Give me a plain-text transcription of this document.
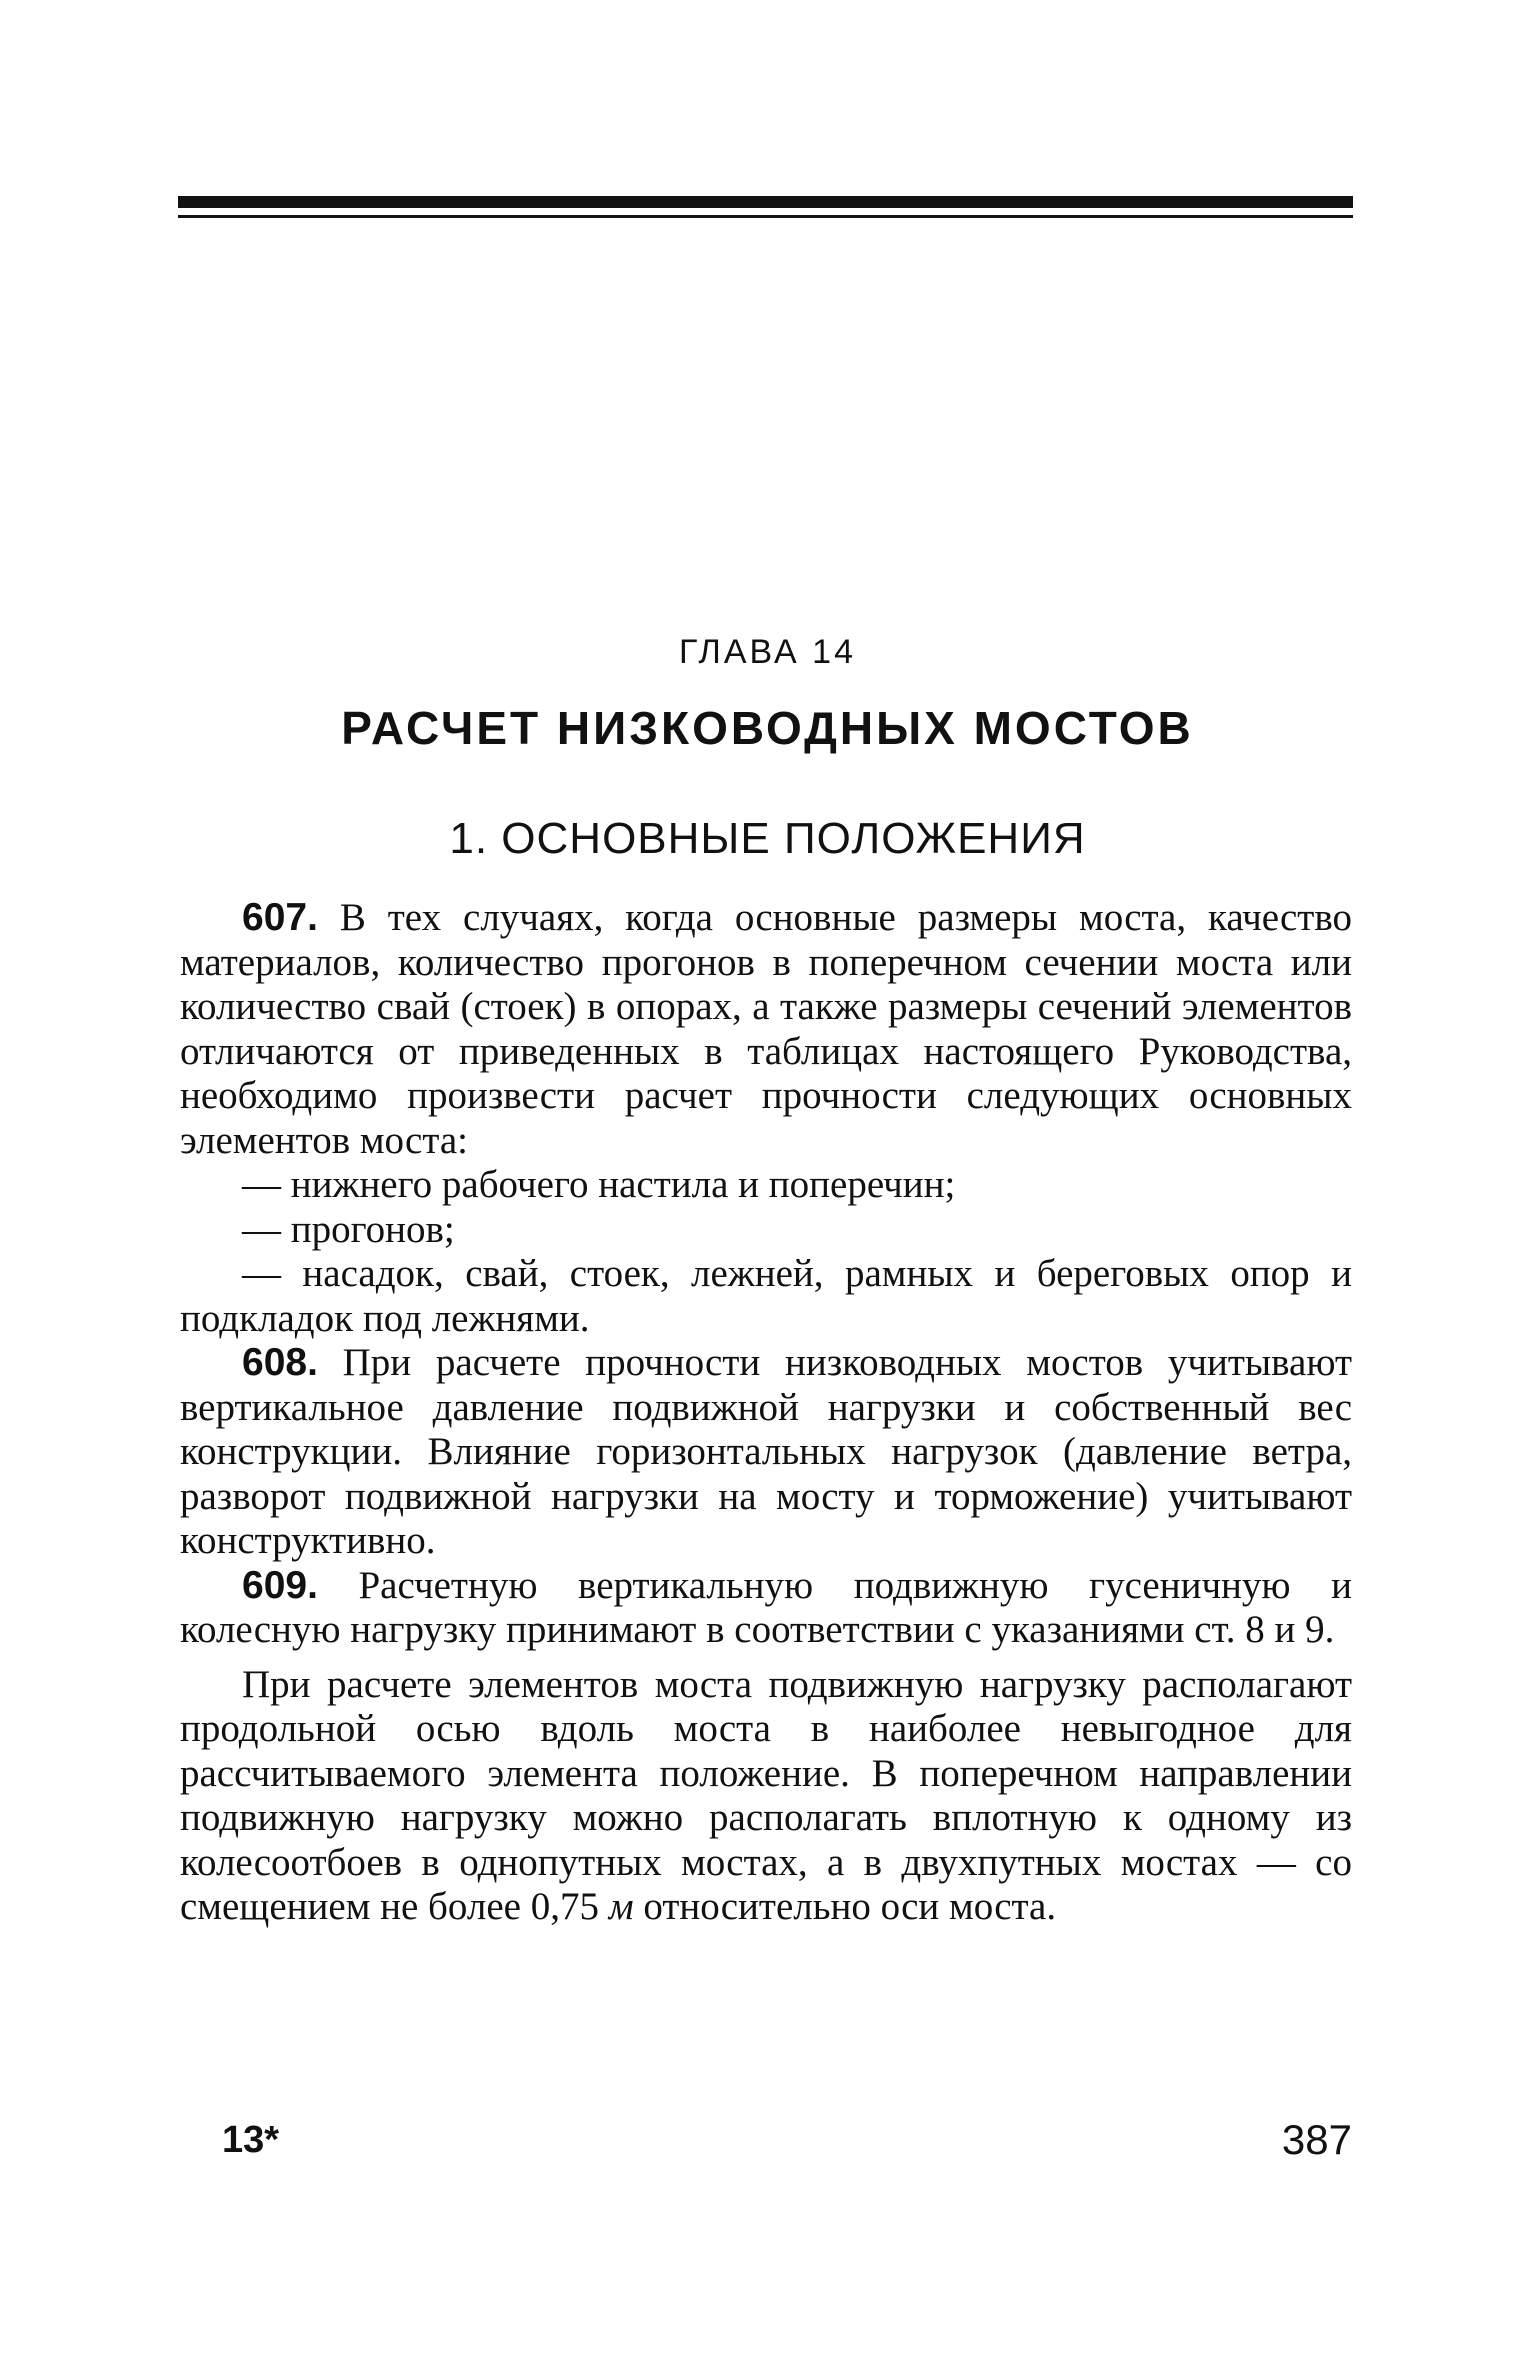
ГЛАВА 14
РАСЧЕТ НИЗКОВОДНЫХ МОСТОВ
1. ОСНОВНЫЕ ПОЛОЖЕНИЯ

607. В тех случаях, когда основные размеры моста, качество материалов, количество прогонов в поперечном сечении моста или количество свай (стоек) в опорах, а также размеры сечений элементов отличаются от приведенных в таблицах настоящего Руководства, необходимо произвести расчет прочности следующих основных элементов моста:

— нижнего рабочего настила и поперечин;

— прогонов;

— насадок, свай, стоек, лежней, рамных и береговых опор и подкладок под лежнями.

608. При расчете прочности низководных мостов учитывают вертикальное давление подвижной нагрузки и собственный вес конструкции. Влияние горизонтальных нагрузок (давление ветра, разворот подвижной нагрузки на мосту и торможение) учитывают конструктивно.

609. Расчетную вертикальную подвижную гусеничную и колесную нагрузку принимают в соответствии с указаниями ст. 8 и 9.

При расчете элементов моста подвижную нагрузку располагают продольной осью вдоль моста в наиболее невыгодное для рассчитываемого элемента положение. В поперечном направлении подвижную нагрузку можно располагать вплотную к одному из колесоотбоев в однопутных мостах, а в двухпутных мостах — со смещением не более 0,75 м относительно оси моста.

13*	387
